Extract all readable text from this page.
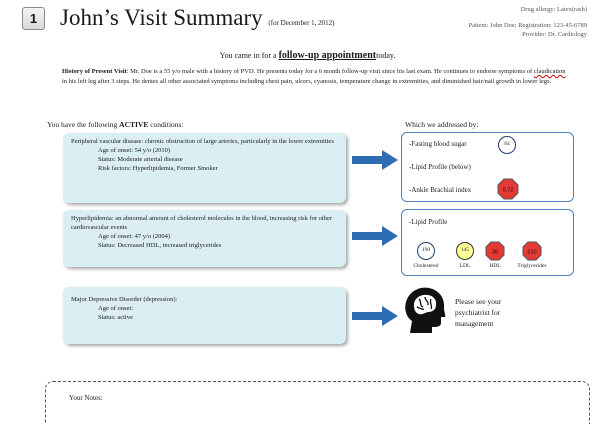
1 John’s Visit Summary (for December 1, 2012)
Drug allergy: Latex(rash)
Patient: John Doe; Registration: 123-45-6789
Provider: Dr. Cardiology
You came in for a follow-up appointmenttoday.
History of Present Visit: Mr. Doe is a 55 y/o male with a history of PVD. He presents today for a 6 month follow-up visit since his last exam. He continues to endorse symptoms of claudication in his left leg after 3 steps. He denies all other associated symptoms including chest pain, ulcers, cyanosis, temperature change in extremities, and diminished hair/nail growth in lower legs.
You have the following ACTIVE conditions:	Which we addressed by:
Peripheral vascular disease: chronic obstruction of large arteries, particularly in the lower extremities
Age of onset: 54 y/o (2010)
Status: Moderate arterial disease
Risk factors: Hyperlipidemia, Former Smoker
Hyperlipidemia: an abnormal amount of cholesterol molecules in the blood, increasing risk for other cardiovascular events
Age of onset: 47 y/o (2004)
Status: Decreased HDL, increased triglycerides
Major Depressive Disorder (depression):
Age of onset:
Status: active
-Fasting blood sugar	84
-Lipid Profile (below)
-Ankle Brachial index	0.72
-Lipid Profile
190
Cholesterol
145
LDL
35
HDL
210
Triglycerides
Please see your psychiatrist for management
Your Notes:
